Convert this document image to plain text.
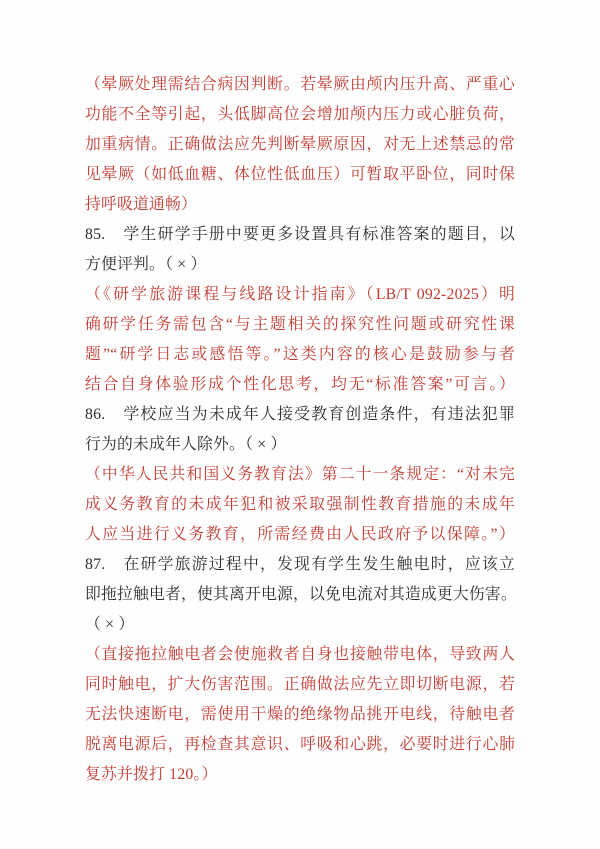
（晕厥处理需结合病因判断。若晕厥由颅内压升高、严重心
功能不全等引起，头低脚高位会增加颅内压力或心脏负荷，
加重病情。正确做法应先判断晕厥原因，对无上述禁忌的常
见晕厥（如低血糖、体位性低血压）可暂取平卧位，同时保
持呼吸道通畅）
85.　学生研学手册中要更多设置具有标准答案的题目，以
方便评判。（ × ）
（《研学旅游课程与线路设计指南》（LB/T 092-2025）明
确研学任务需包含“与主题相关的探究性问题或研究性课
题”“研学日志或感悟等。”这类内容的核心是鼓励参与者
结合自身体验形成个性化思考，均无“标准答案”可言。）
86.　学校应当为未成年人接受教育创造条件，有违法犯罪
行为的未成年人除外。（ × ）
（中华人民共和国义务教育法》第二十一条规定：“对未完
成义务教育的未成年犯和被采取强制性教育措施的未成年
人应当进行义务教育，所需经费由人民政府予以保障。”）
87.　在研学旅游过程中，发现有学生发生触电时，应该立
即拖拉触电者，使其离开电源，以免电流对其造成更大伤害。
（ × ）
（直接拖拉触电者会使施救者自身也接触带电体，导致两人
同时触电，扩大伤害范围。正确做法应先立即切断电源，若
无法快速断电，需使用干燥的绝缘物品挑开电线，待触电者
脱离电源后，再检查其意识、呼吸和心跳，必要时进行心肺
复苏并拨打 120。）
